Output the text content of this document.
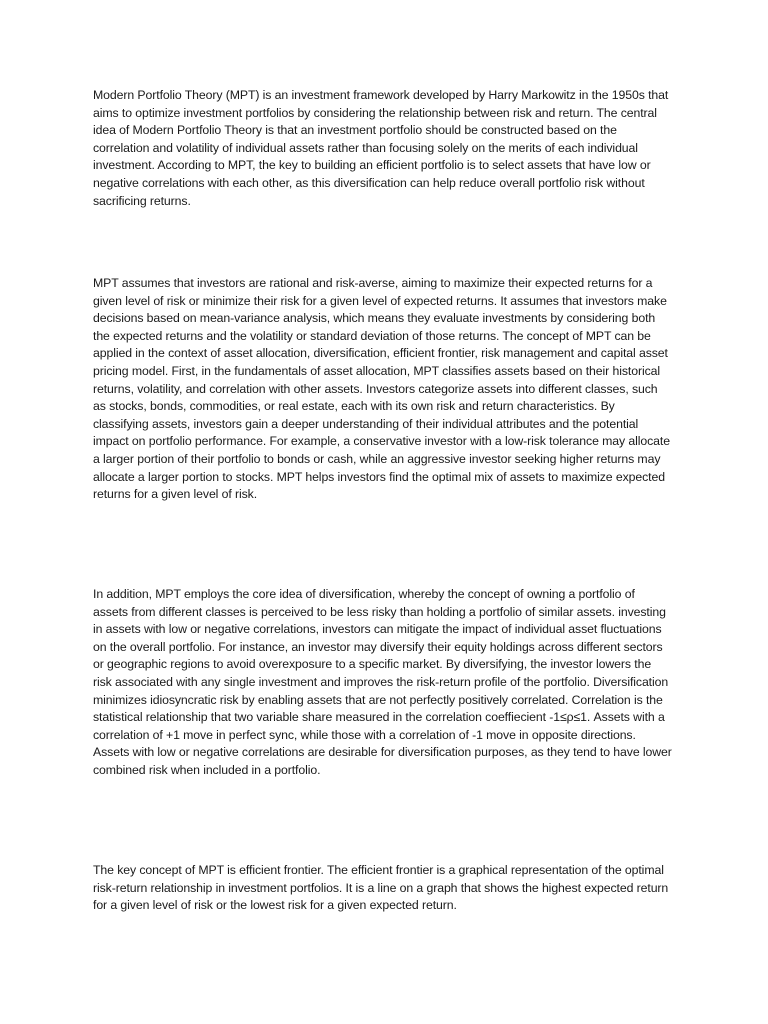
Modern Portfolio Theory (MPT) is an investment framework developed by Harry Markowitz in the 1950s that aims to optimize investment portfolios by considering the relationship between risk and return. The central idea of Modern Portfolio Theory is that an investment portfolio should be constructed based on the correlation and volatility of individual assets rather than focusing solely on the merits of each individual investment. According to MPT, the key to building an efficient portfolio is to select assets that have low or negative correlations with each other, as this diversification can help reduce overall portfolio risk without sacrificing returns.

MPT assumes that investors are rational and risk-averse, aiming to maximize their expected returns for a given level of risk or minimize their risk for a given level of expected returns. It assumes that investors make decisions based on mean-variance analysis, which means they evaluate investments by considering both the expected returns and the volatility or standard deviation of those returns. The concept of MPT can be applied in the context of asset allocation, diversification, efficient frontier, risk management and capital asset pricing model. First, in the fundamentals of asset allocation, MPT classifies assets based on their historical returns, volatility, and correlation with other assets. Investors categorize assets into different classes, such as stocks, bonds, commodities, or real estate, each with its own risk and return characteristics. By classifying assets, investors gain a deeper understanding of their individual attributes and the potential impact on portfolio performance. For example, a conservative investor with a low-risk tolerance may allocate a larger portion of their portfolio to bonds or cash, while an aggressive investor seeking higher returns may allocate a larger portion to stocks. MPT helps investors find the optimal mix of assets to maximize expected returns for a given level of risk.

In addition, MPT employs the core idea of diversification, whereby the concept of owning a portfolio of assets from different classes is perceived to be less risky than holding a portfolio of similar assets. investing in assets with low or negative correlations, investors can mitigate the impact of individual asset fluctuations on the overall portfolio. For instance, an investor may diversify their equity holdings across different sectors or geographic regions to avoid overexposure to a specific market. By diversifying, the investor lowers the risk associated with any single investment and improves the risk-return profile of the portfolio. Diversification minimizes idiosyncratic risk by enabling assets that are not perfectly positively correlated. Correlation is the statistical relationship that two variable share measured in the correlation coeffiecient -1≤ρ≤1. Assets with a correlation of +1 move in perfect sync, while those with a correlation of -1 move in opposite directions. Assets with low or negative correlations are desirable for diversification purposes, as they tend to have lower combined risk when included in a portfolio.

The key concept of MPT is efficient frontier. The efficient frontier is a graphical representation of the optimal risk-return relationship in investment portfolios. It is a line on a graph that shows the highest expected return for a given level of risk or the lowest risk for a given expected return.
